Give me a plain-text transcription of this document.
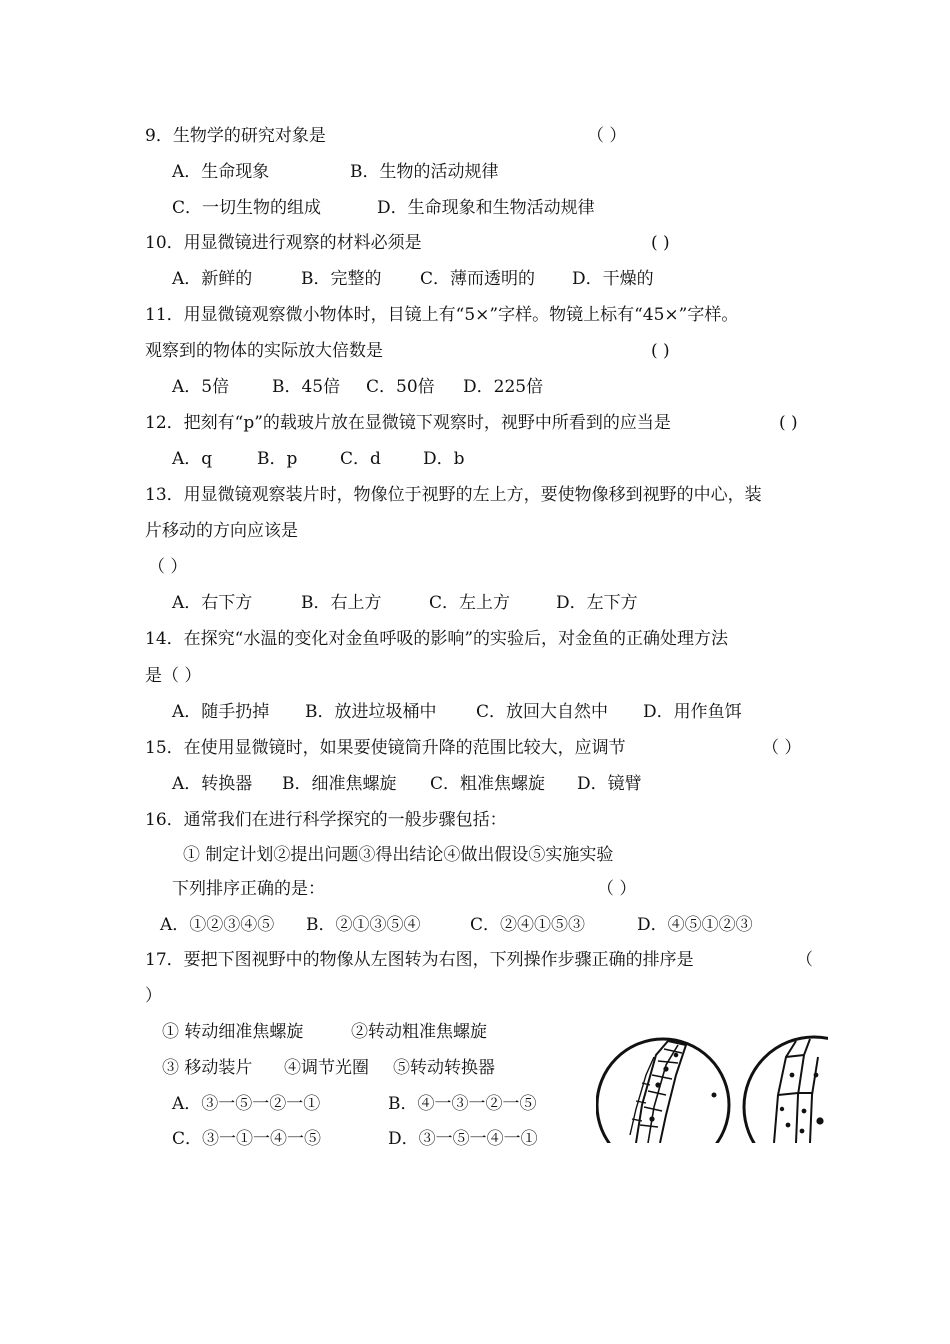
9．生物学的研究对象是	（ ）
A．生命现象	B．生物的活动规律
C．一切生物的组成	D．生命现象和生物活动规律
10．用显微镜进行观察的材料必须是	( )
A．新鲜的	B．完整的 C．薄而透明的 D．干燥的
11．用显微镜观察微小物体时，目镜上有“5×”字样。物镜上标有“45×”字样。
观察到的物体的实际放大倍数是	( )
A．5倍	B．45倍 C．50倍 D．225倍
12．把刻有“p”的载玻片放在显微镜下观察时，视野中所看到的应当是	( )
A．q	B．p	C．d D．b
13．用显微镜观察装片时，物像位于视野的左上方，要使物像移到视野的中心，装
片移动的方向应该是
（ ）
A．右下方	B．右上方	C．左上方	D．左下方
14．在探究“水温的变化对金鱼呼吸的影响”的实验后，对金鱼的正确处理方法
是（ ）
A．随手扔掉 B．放进垃圾桶中 C．放回大自然中 D．用作鱼饵
15．在使用显微镜时，如果要使镜筒升降的范围比较大，应调节	（ ）
A．转换器 B．细准焦螺旋 C．粗准焦螺旋 D．镜臂
16．通常我们在进行科学探究的一般步骤包括：
① 制定计划②提出问题③得出结论④做出假设⑤实施实验
下列排序正确的是：	（ ）
A．①②③④⑤ B．②①③⑤④	C．②④①⑤③	D．④⑤①②③
17．要把下图视野中的物像从左图转为右图，下列操作步骤正确的排序是	（
）
① 转动细准焦螺旋	②转动粗准焦螺旋
③ 移动装片 ④调节光圈 ⑤转动转换器
A．③一⑤一②一①	B．④一③一②一⑤
C．③一①一④一⑤	D．③一⑤一④一①
